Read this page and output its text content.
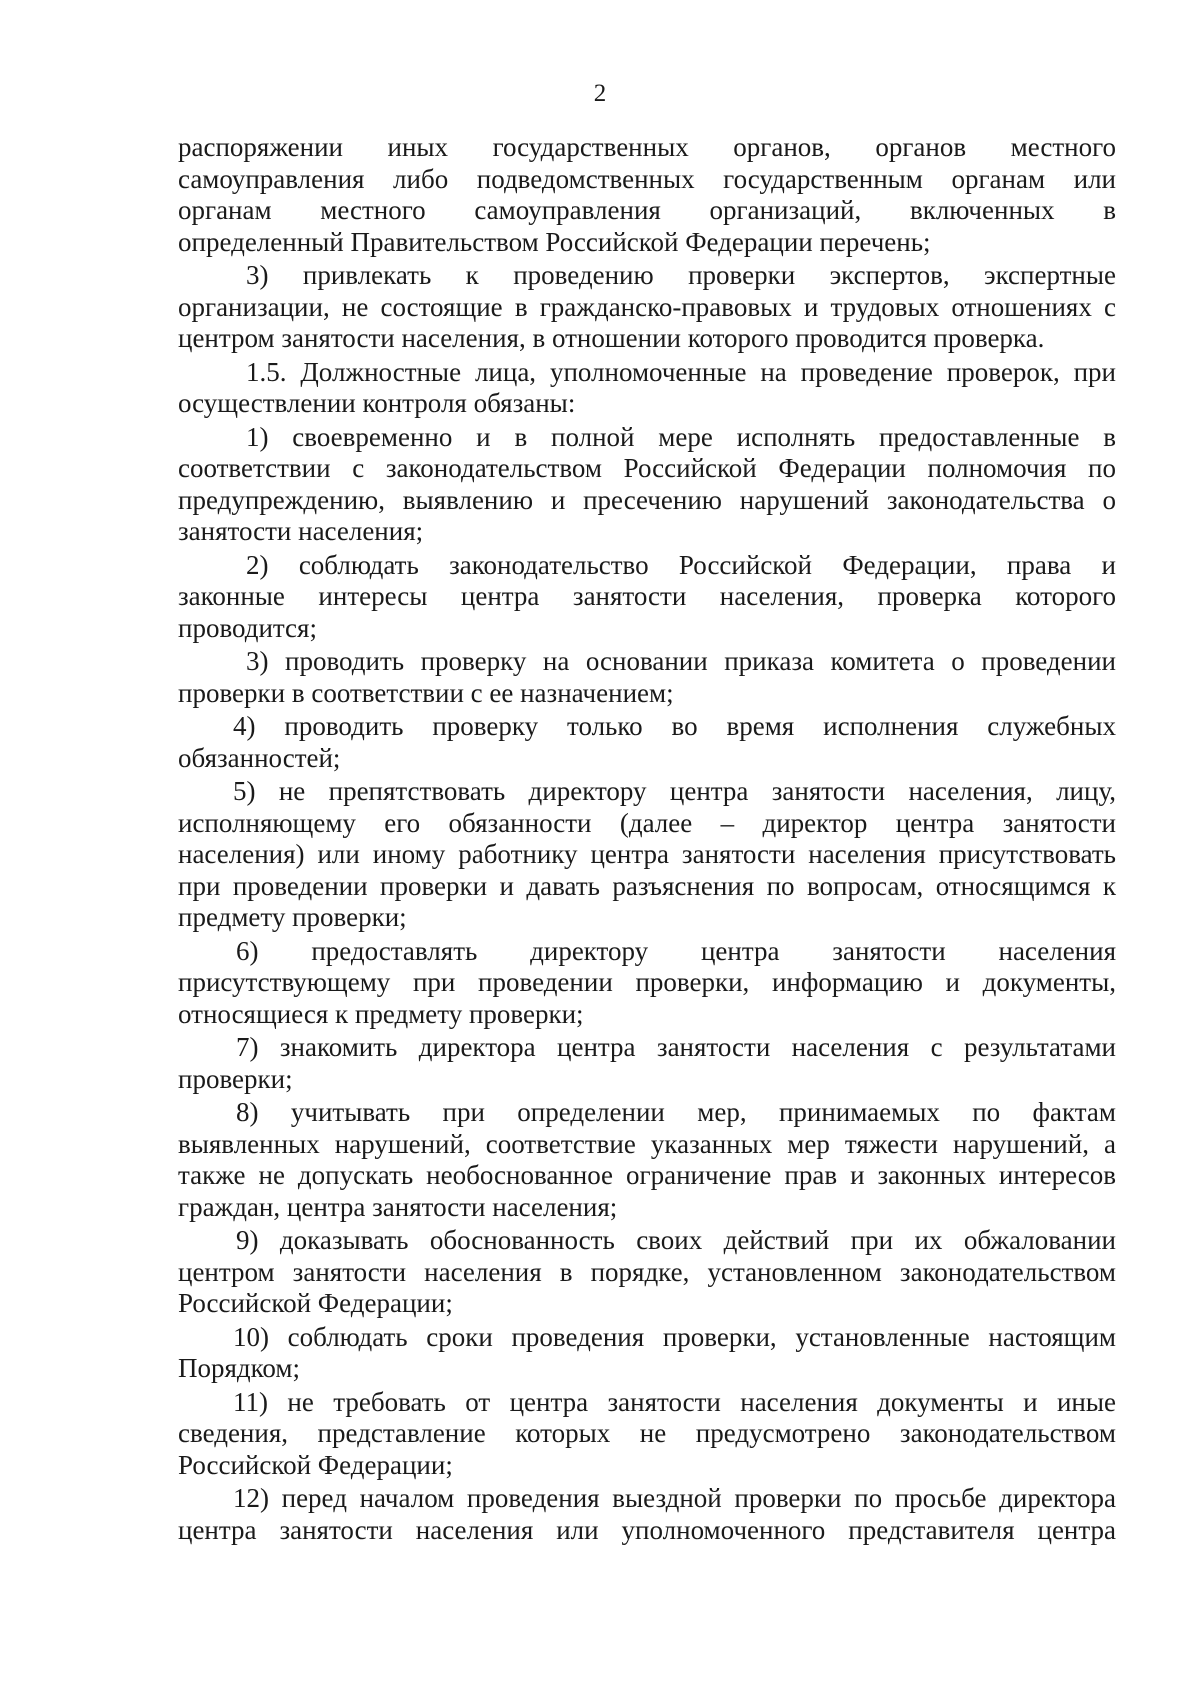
2
распоряжении иных государственных органов, органов местного
самоуправления либо подведомственных государственным органам или
органам местного самоуправления организаций, включенных в
определенный Правительством Российской Федерации перечень;
3) привлекать к проведению проверки экспертов, экспертные
организации, не состоящие в гражданско-правовых и трудовых отношениях с
центром занятости населения, в отношении которого проводится проверка.
1.5. Должностные лица, уполномоченные на проведение проверок, при
осуществлении контроля обязаны:
1) своевременно и в полной мере исполнять предоставленные в
соответствии с законодательством Российской Федерации полномочия по
предупреждению, выявлению и пресечению нарушений законодательства о
занятости населения;
2) соблюдать законодательство Российской Федерации, права и
законные интересы центра занятости населения, проверка которого
проводится;
3) проводить проверку на основании приказа комитета о проведении
проверки в соответствии с ее назначением;
4) проводить проверку только во время исполнения служебных
обязанностей;
5) не препятствовать директору центра занятости населения, лицу,
исполняющему его обязанности (далее – директор центра занятости
населения) или иному работнику центра занятости населения присутствовать
при проведении проверки и давать разъяснения по вопросам, относящимся к
предмету проверки;
6) предоставлять директору центра занятости населения
присутствующему при проведении проверки, информацию и документы,
относящиеся к предмету проверки;
7) знакомить директора центра занятости населения с результатами
проверки;
8) учитывать при определении мер, принимаемых по фактам
выявленных нарушений, соответствие указанных мер тяжести нарушений, а
также не допускать необоснованное ограничение прав и законных интересов
граждан, центра занятости населения;
9) доказывать обоснованность своих действий при их обжаловании
центром занятости населения в порядке, установленном законодательством
Российской Федерации;
10) соблюдать сроки проведения проверки, установленные настоящим
Порядком;
11) не требовать от центра занятости населения документы и иные
сведения, представление которых не предусмотрено законодательством
Российской Федерации;
12) перед началом проведения выездной проверки по просьбе директора
центра занятости населения или уполномоченного представителя центра
